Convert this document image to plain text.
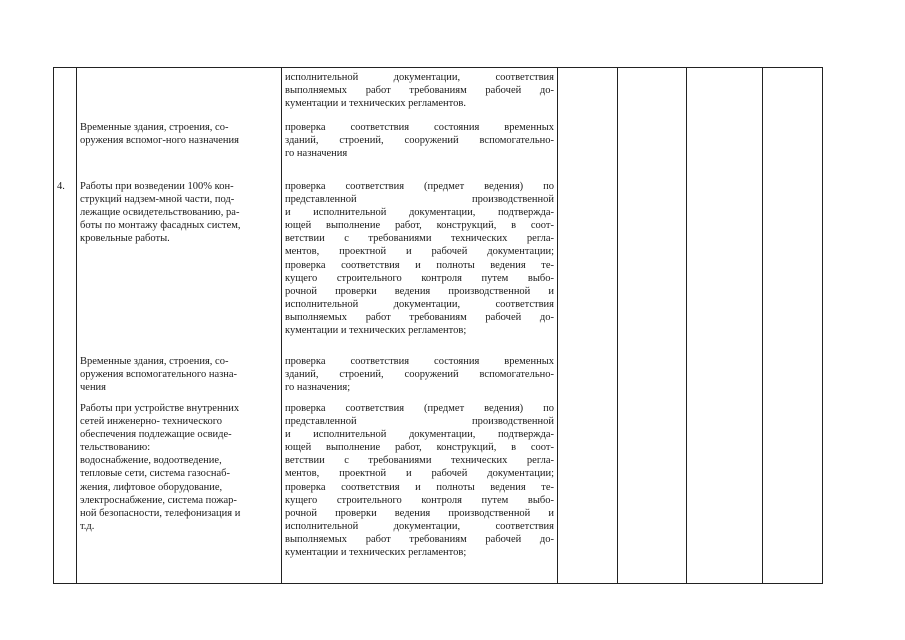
исполнительной документации, соответствия
выполняемых работ требованиям рабочей до-
кументации и технических регламентов.
Временные здания, строения, со-
оружения вспомог-ного назначения
проверка соответствия состояния временных
зданий, строений, сооружений вспомогательно-
го назначения
4. Работы при возведении 100% кон-
струкций надзем-мной части, под-
лежащие освидетельствованию, ра-
боты по монтажу фасадных систем,
кровельные работы.
проверка соответствия (предмет ведения) по
представленной производственной
и исполнительной документации, подтвержда-
ющей выполнение работ, конструкций, в соот-
ветствии с требованиями технических регла-
ментов, проектной и рабочей документации;
проверка соответствия и полноты ведения те-
кущего строительного контроля путем выбо-
рочной проверки ведения производственной и
исполнительной документации, соответствия
выполняемых работ требованиям рабочей до-
кументации и технических регламентов;
Временные здания, строения, со-
оружения вспомогательного назна-
чения
проверка соответствия состояния временных
зданий, строений, сооружений вспомогательно-
го назначения;
Работы при устройстве внутренних
сетей инженерно- технического
обеспечения подлежащие освиде-
тельствованию:
водоснабжение, водоотведение,
тепловые сети, система газоснаб-
жения, лифтовое оборудование,
электроснабжение, система пожар-
ной безопасности, телефонизация и
т.д.
проверка соответствия (предмет ведения) по
представленной производственной
и исполнительной документации, подтвержда-
ющей выполнение работ, конструкций, в соот-
ветствии с требованиями технических регла-
ментов, проектной и рабочей документации;
проверка соответствия и полноты ведения те-
кущего строительного контроля путем выбо-
рочной проверки ведения производственной и
исполнительной документации, соответствия
выполняемых работ требованиям рабочей до-
кументации и технических регламентов;
